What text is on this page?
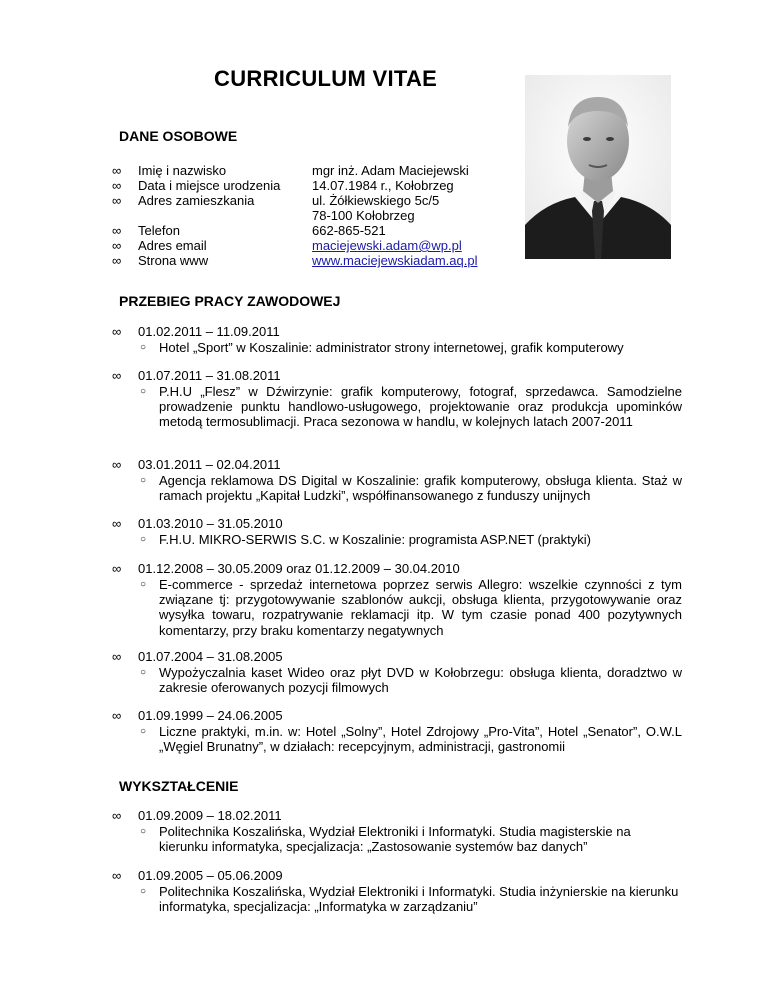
CURRICULUM VITAE
DANE OSOBOWE
∞	Imię i nazwisko	mgr inż. Adam Maciejewski
∞	Data i miejsce urodzenia 14.07.1984 r., Kołobrzeg
∞	Adres zamieszkania	ul. Żółkiewskiego 5c/5
78-100 Kołobrzeg
∞	Telefon	662-865-521
∞	Adres email	maciejewski.adam@wp.pl
∞	Strona www	www.maciejewskiadam.aq.pl
PRZEBIEG PRACY ZAWODOWEJ
∞	01.02.2011 – 11.09.2011
○ Hotel „Sport” w Koszalinie: administrator strony internetowej, grafik komputerowy
∞	01.07.2011 – 31.08.2011
○ P.H.U „Flesz” w Dźwirzynie: grafik komputerowy, fotograf, sprzedawca. Samodzielne prowadzenie punktu handlowo-usługowego, projektowanie oraz produkcja upominków metodą termosublimacji. Praca sezonowa w handlu, w kolejnych latach 2007-2011
∞	03.01.2011 – 02.04.2011
○ Agencja reklamowa DS Digital w Koszalinie: grafik komputerowy, obsługa klienta. Staż w ramach projektu „Kapitał Ludzki”, współfinansowanego z funduszy unijnych
∞	01.03.2010 – 31.05.2010
○ F.H.U. MIKRO-SERWIS S.C. w Koszalinie: programista ASP.NET (praktyki)
∞	01.12.2008 – 30.05.2009 oraz 01.12.2009 – 30.04.2010
○ E-commerce - sprzedaż internetowa poprzez serwis Allegro: wszelkie czynności z tym związane tj: przygotowywanie szablonów aukcji, obsługa klienta, przygotowywanie oraz wysyłka towaru, rozpatrywanie reklamacji itp. W tym czasie ponad 400 pozytywnych komentarzy, przy braku komentarzy negatywnych
∞	01.07.2004 – 31.08.2005
○ Wypożyczalnia kaset Wideo oraz płyt DVD w Kołobrzegu: obsługa klienta, doradztwo w zakresie oferowanych pozycji filmowych
∞	01.09.1999 – 24.06.2005
○ Liczne praktyki, m.in. w: Hotel „Solny”, Hotel Zdrojowy „Pro-Vita”, Hotel „Senator”, O.W.L „Węgiel Brunatny”, w działach: recepcyjnym, administracji, gastronomii
WYKSZTAŁCENIE
∞	01.09.2009 – 18.02.2011
○ Politechnika Koszalińska, Wydział Elektroniki i Informatyki. Studia magisterskie na kierunku informatyka, specjalizacja: „Zastosowanie systemów baz danych”
∞	01.09.2005 – 05.06.2009
○ Politechnika Koszalińska, Wydział Elektroniki i Informatyki. Studia inżynierskie na kierunku informatyka, specjalizacja: „Informatyka w zarządzaniu”
